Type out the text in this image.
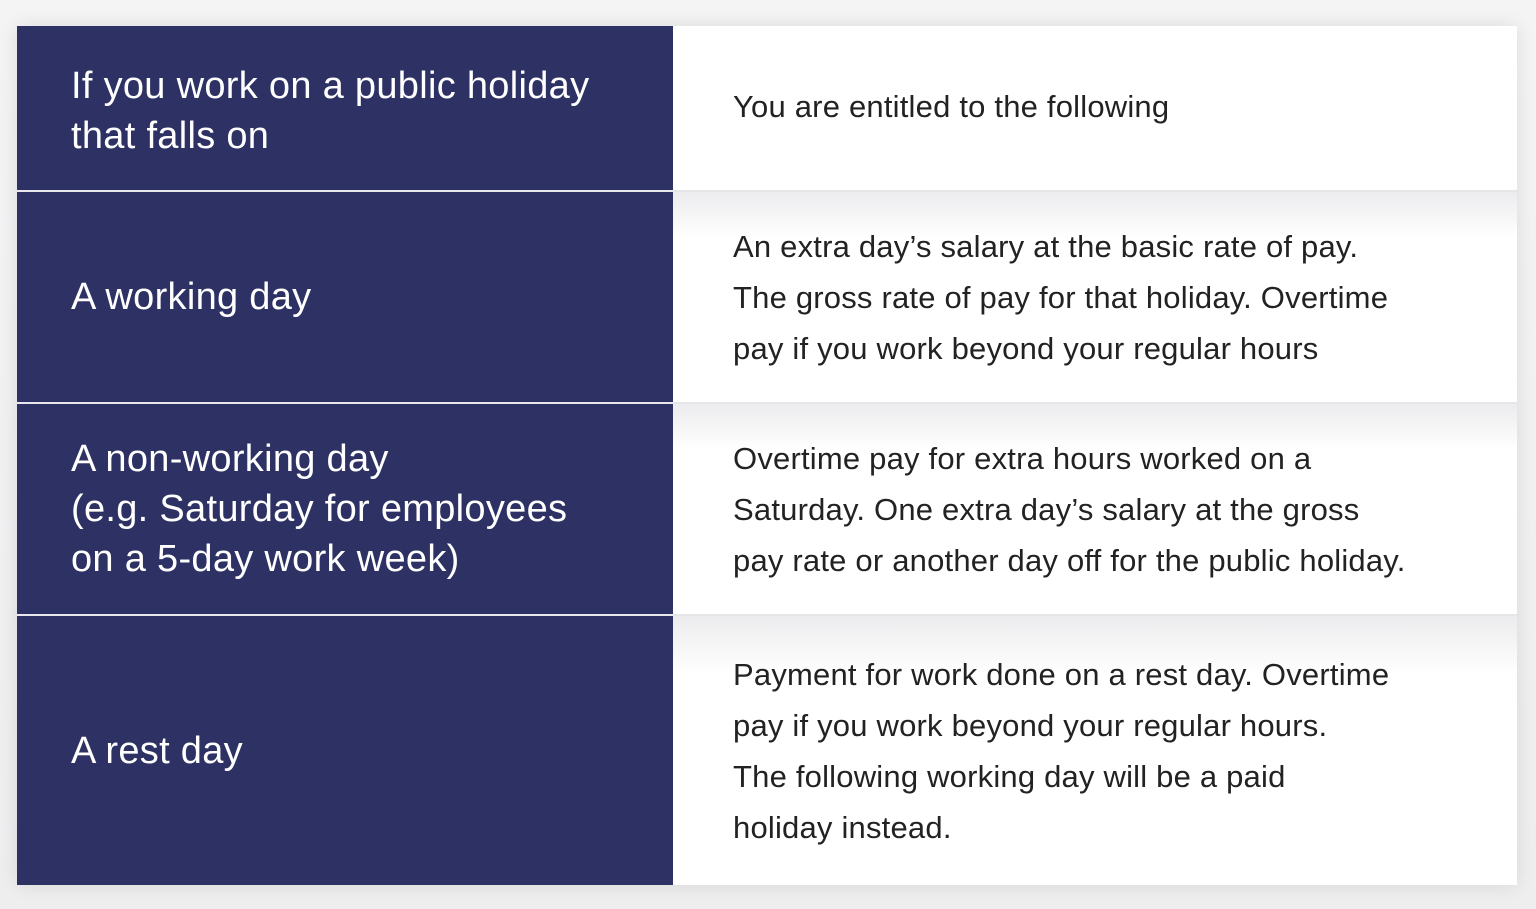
If you work on a public holiday
that falls on
You are entitled to the following
A working day
An extra day’s salary at the basic rate of pay.
The gross rate of pay for that holiday. Overtime
pay if you work beyond your regular hours
A non-working day
(e.g. Saturday for employees
on a 5-day work week)
Overtime pay for extra hours worked on a
Saturday. One extra day’s salary at the gross
pay rate or another day off for the public holiday.
A rest day
Payment for work done on a rest day. Overtime
pay if you work beyond your regular hours.
The following working day will be a paid
holiday instead.
